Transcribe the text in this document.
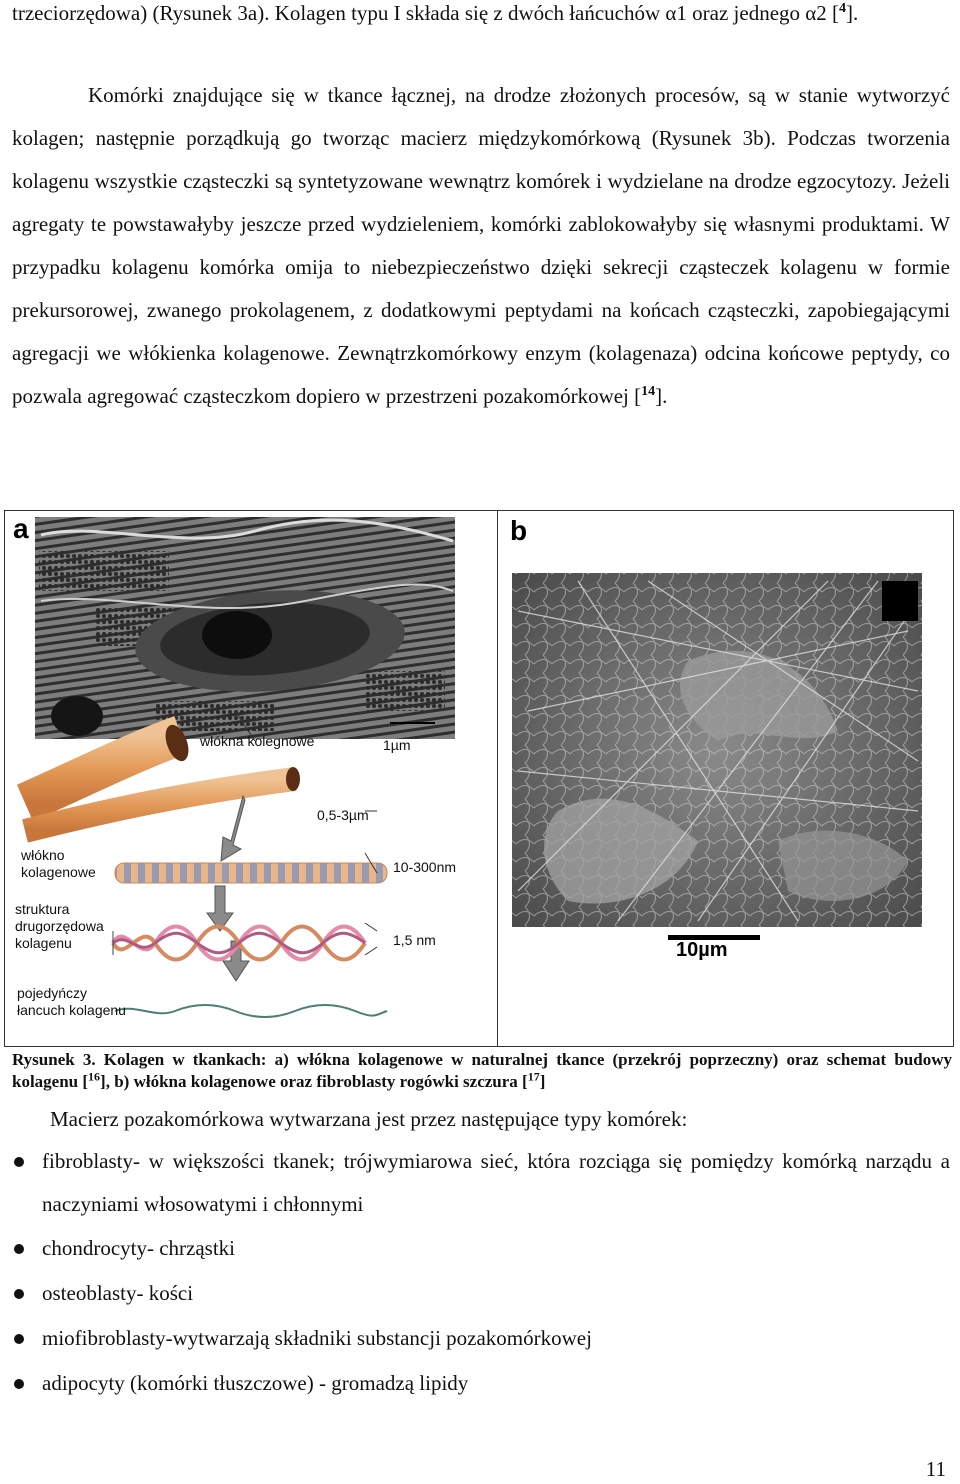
trzeciorzędowa) (Rysunek 3a). Kolagen typu I składa się z dwóch łańcuchów α1 oraz jednego α2 [$^4$].

Komórki znajdujące się w tkance łącznej, na drodze złożonych procesów, są w stanie wytworzyć kolagen; następnie porządkują go tworząc macierz międzykomórkową (Rysunek 3b). Podczas tworzenia kolagenu wszystkie cząsteczki są syntetyzowane wewnątrz komórek i wydzielane na drodze egzocytozy. Jeżeli agregaty te powstawałyby jeszcze przed wydzieleniem, komórki zablokowałyby się własnymi produktami. W przypadku kolagenu komórka omija to niebezpieczeństwo dzięki sekrecji cząsteczek kolagenu w formie prekursorowej, zwanego prokolagenem, z dodatkowymi peptydami na końcach cząsteczki, zapobiegającymi agregacji we włókienka kolagenowe. Zewnątrzkomórkowy enzym (kolagenaza) odcina końcowe peptydy, co pozwala agregować cząsteczkom dopiero w przestrzeni pozakomórkowej [$^{14}$].

a
włókna kolegnowe	1µm
0,5-3µm
włókno
kolagenowe	10-300nm
struktura
drugorzędowa
kolagenu	1,5 nm
pojedyńczy
łancuch kolagenu
b
10µm

Rysunek 3. Kolagen w tkankach: a) włókna kolagenowe w naturalnej tkance (przekrój poprzeczny) oraz schemat budowy kolagenu [$^{16}$], b) włókna kolagenowe oraz fibroblasty rogówki szczura [$^{17}$]

Macierz pozakomórkowa wytwarzana jest przez następujące typy komórek:

fibroblasty- w większości tkanek; trójwymiarowa sieć, która rozciąga się pomiędzy komórką narządu a naczyniami włosowatymi i chłonnymi

chondrocyty- chrząstki

osteoblasty- kości

miofibroblasty-wytwarzają składniki substancji pozakomórkowej

adipocyty (komórki tłuszczowe) - gromadzą lipidy

11
